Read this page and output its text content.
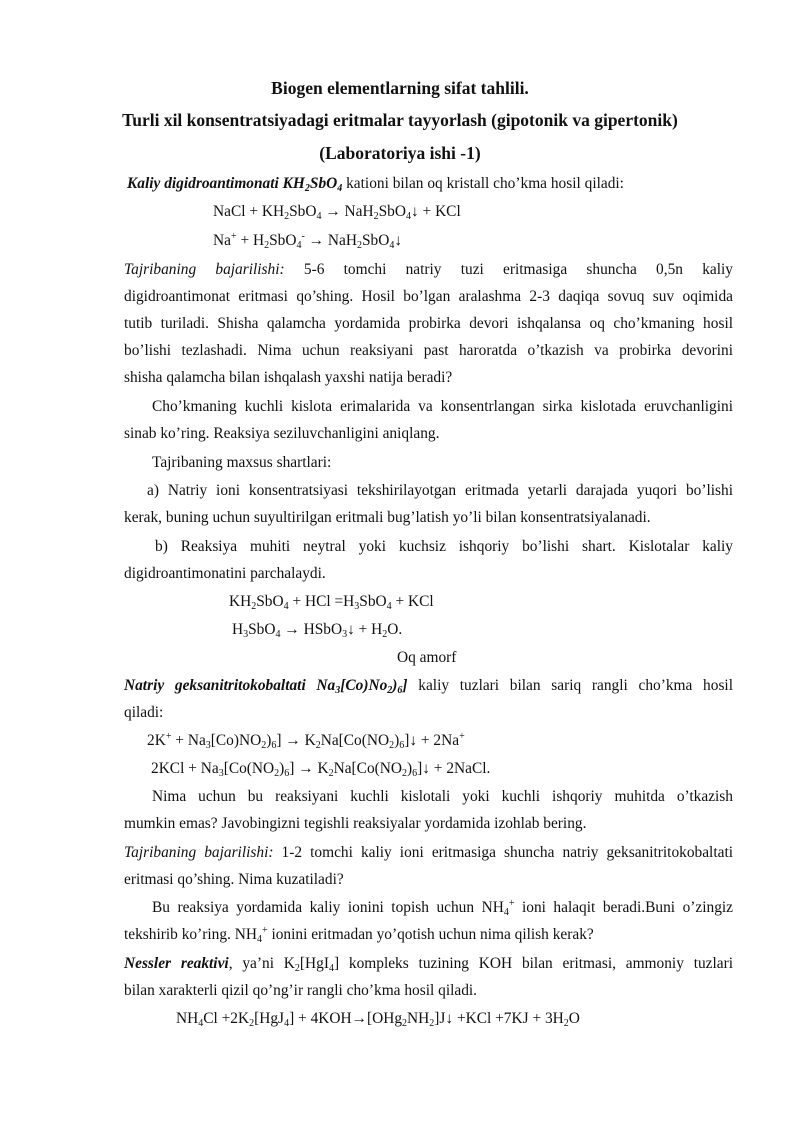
Biogen elementlarning sifat tahlili.
Turli xil konsentratsiyadagi eritmalar tayyorlash (gipotonik va gipertonik)
(Laboratoriya ishi -1)
Kaliy digidroantimonati $KH_2SbO_4$ kationi bilan oq kristall cho’kma hosil qiladi:
NaCl + $KH_2SbO_4$ → NaH$_2$SbO$_4$↓ + KCl
$Na^+ + H_2SbO_4^-$ → NaH$_2$SbO$_4$↓
Tajribaning bajarilishi: 5-6 tomchi natriy tuzi eritmasiga shuncha 0,5n kaliy
digidroantimonat eritmasi qo’shing. Hosil bo’lgan aralashma 2-3 daqiqa sovuq suv oqimida
tutib turiladi. Shisha qalamcha yordamida probirka devori ishqalansa oq cho’kmaning hosil
bo’lishi tezlashadi. Nima uchun reaksiyani past haroratda o’tkazish va probirka devorini
shisha qalamcha bilan ishqalash yaxshi natija beradi?
Cho’kmaning kuchli kislota erimalarida va konsentrlangan sirka kislotada eruvchanligini
sinab ko’ring. Reaksiya seziluvchanligini aniqlang.
Tajribaning maxsus shartlari:
a) Natriy ioni konsentratsiyasi tekshirilayotgan eritmada yetarli darajada yuqori bo’lishi
kerak, buning uchun suyultirilgan eritmali bug’latish yo’li bilan konsentratsiyalanadi.
b) Reaksiya muhiti neytral yoki kuchsiz ishqoriy bo’lishi shart. Kislotalar kaliy
digidroantimonatini parchalaydi.
$KH_2SbO_4$ + HCl $=H_3SbO_4$ + KCl
$H_3SbO_4$ → HSbO$_3$↓ + $H_2O$.
Oq amorf
Natriy geksanitritokobaltati $Na_3[Co)No_2)_6$] kaliy tuzlari bilan sariq rangli cho’kma hosil
qiladi:
$2K^+ + Na_3[Co)NO_2)_6$] → $K_2Na[Co(NO_2)_6]↓ + 2Na^+$
$2KCl + Na_3[Co(NO_2)_6]$ → $K_2Na[Co(NO_2)_6]↓$ + 2NaCl.
Nima uchun bu reaksiyani kuchli kislotali yoki kuchli ishqoriy muhitda o’tkazish
mumkin emas? Javobingizni tegishli reaksiyalar yordamida izohlab bering.
Tajribaning bajarilishi: 1-2 tomchi kaliy ioni eritmasiga shuncha natriy geksanitritokobaltati
eritmasi qo’shing. Nima kuzatiladi?
Bu reaksiya yordamida kaliy ionini topish uchun $NH_4^+$ ioni halaqit beradi.Buni o’zingiz
tekshirib ko’ring. $NH_4^+$ ionini eritmadan yo’qotish uchun nima qilish kerak?
Nessler reaktivi, ya’ni $K_2[HgI_4]$ kompleks tuzining KOH bilan eritmasi, ammoniy tuzlari
bilan xarakterli qizil qo’ng’ir rangli cho’kma hosil qiladi.
$NH_4Cl +2K_2[HgJ_4]$ + $4KOH\to[OHg_2NH_2]J↓ +KCl +7KJ + 3H_2O$
